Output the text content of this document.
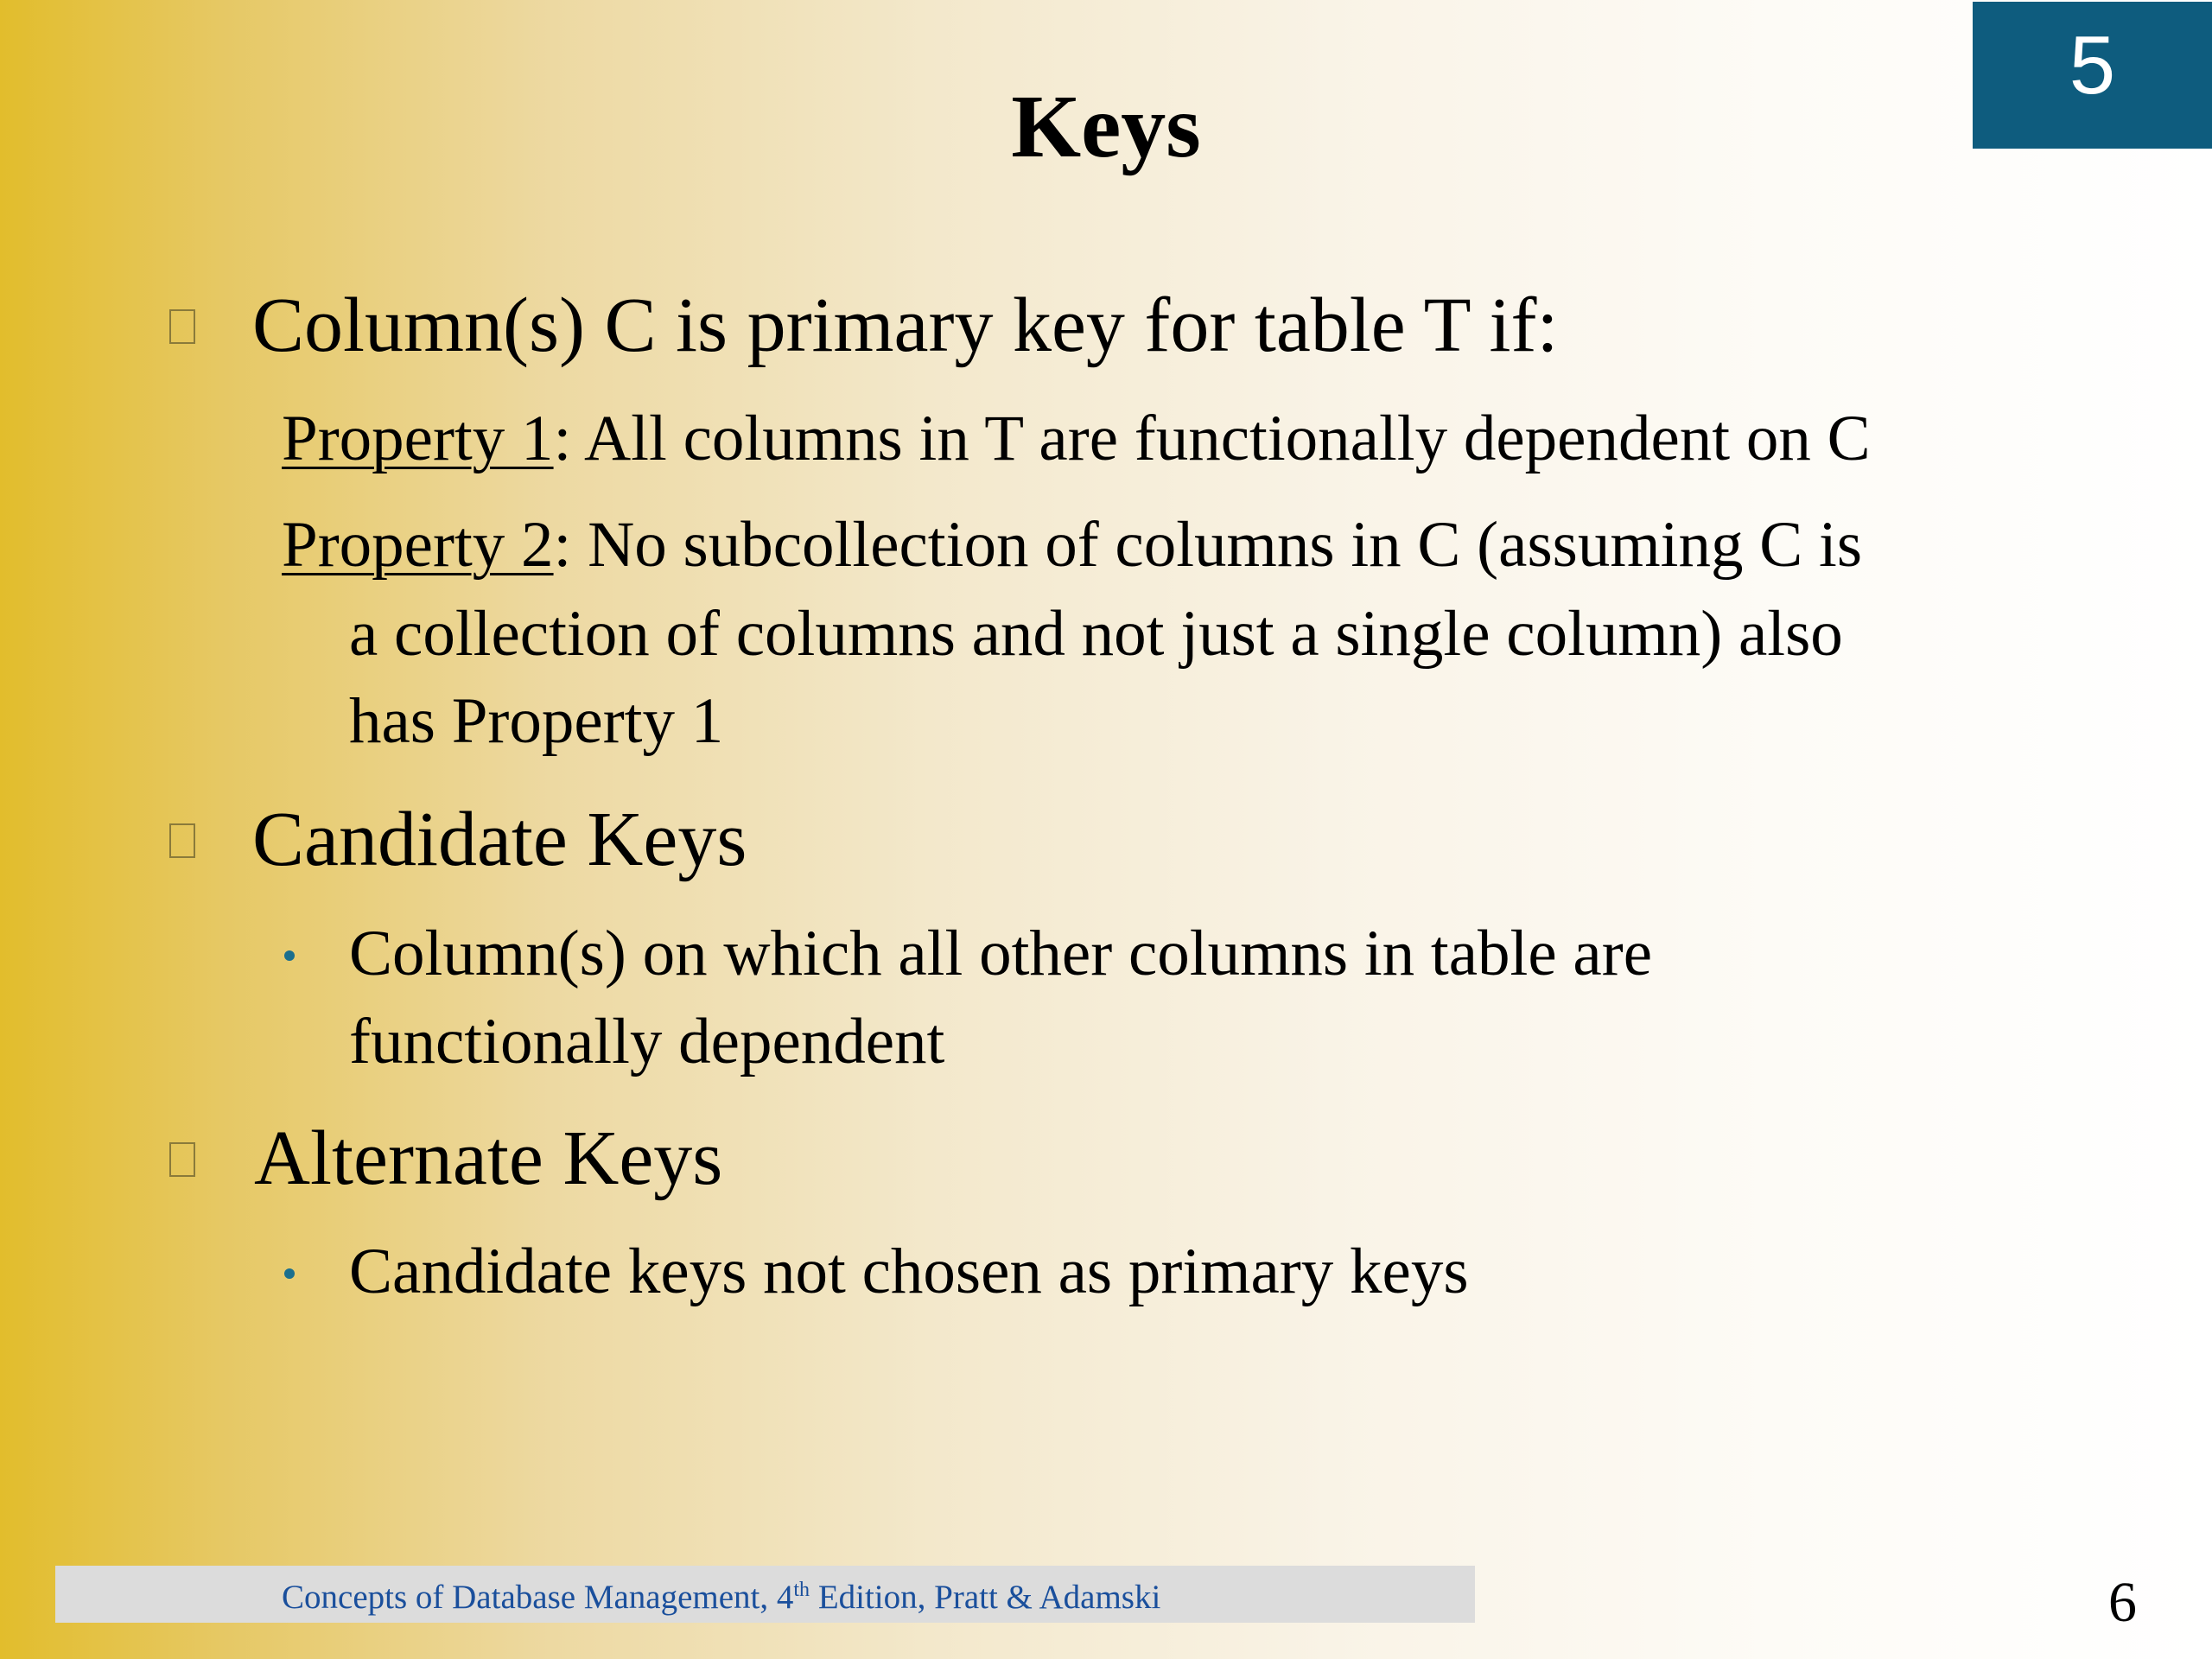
5
Keys
Column(s) C is primary key for table T if:
Property 1: All columns in T are functionally dependent on C
Property 2: No subcollection of columns in C (assuming C is
a collection of columns and not just a single column) also
has Property 1
Candidate Keys
Column(s) on which all other columns in table are
functionally dependent
Alternate Keys
Candidate keys not chosen as primary keys
Concepts of Database Management, 4th Edition, Pratt & Adamski	6
